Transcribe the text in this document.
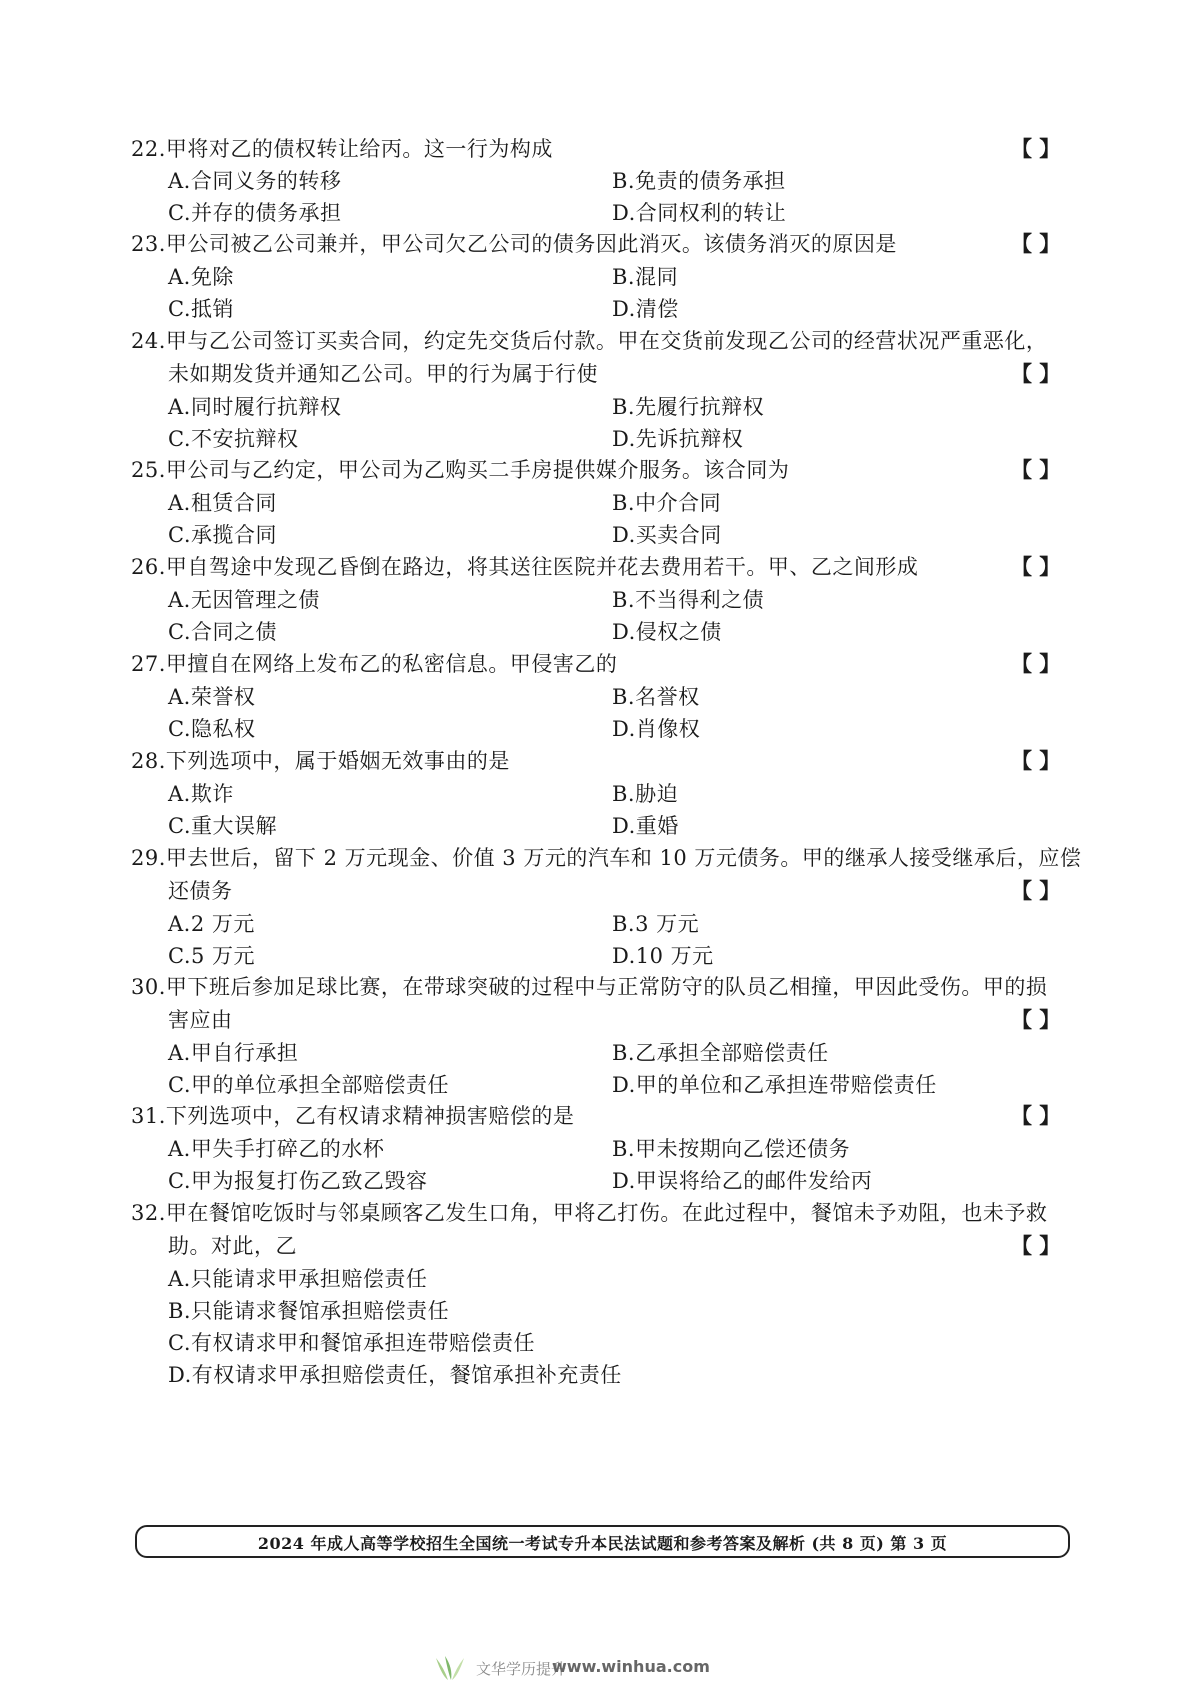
22.甲将对乙的债权转让给丙。这一行为构成	【 】
A.合同义务的转移	B.免责的债务承担
C.并存的债务承担	D.合同权利的转让
23.甲公司被乙公司兼并，甲公司欠乙公司的债务因此消灭。该债务消灭的原因是	【 】
A.免除	B.混同
C.抵销	D.清偿
24.甲与乙公司签订买卖合同，约定先交货后付款。甲在交货前发现乙公司的经营状况严重恶化，
未如期发货并通知乙公司。甲的行为属于行使	【 】
A.同时履行抗辩权	B.先履行抗辩权
C.不安抗辩权	D.先诉抗辩权
25.甲公司与乙约定，甲公司为乙购买二手房提供媒介服务。该合同为	【 】
A.租赁合同	B.中介合同
C.承揽合同	D.买卖合同
26.甲自驾途中发现乙昏倒在路边，将其送往医院并花去费用若干。甲、乙之间形成	【 】
A.无因管理之债	B.不当得利之债
C.合同之债	D.侵权之债
27.甲擅自在网络上发布乙的私密信息。甲侵害乙的	【 】
A.荣誉权	B.名誉权
C.隐私权	D.肖像权
28.下列选项中，属于婚姻无效事由的是	【 】
A.欺诈	B.胁迫
C.重大误解	D.重婚
29.甲去世后，留下 2 万元现金、价值 3 万元的汽车和 10 万元债务。甲的继承人接受继承后，应偿
还债务	【 】
A.2 万元	B.3 万元
C.5 万元	D.10 万元
30.甲下班后参加足球比赛，在带球突破的过程中与正常防守的队员乙相撞，甲因此受伤。甲的损
害应由	【 】
A.甲自行承担	B.乙承担全部赔偿责任
C.甲的单位承担全部赔偿责任	D.甲的单位和乙承担连带赔偿责任
31.下列选项中，乙有权请求精神损害赔偿的是	【 】
A.甲失手打碎乙的水杯	B.甲未按期向乙偿还债务
C.甲为报复打伤乙致乙毁容	D.甲误将给乙的邮件发给丙
32.甲在餐馆吃饭时与邻桌顾客乙发生口角，甲将乙打伤。在此过程中，餐馆未予劝阻，也未予救
助。对此，乙	【 】
A.只能请求甲承担赔偿责任
B.只能请求餐馆承担赔偿责任
C.有权请求甲和餐馆承担连带赔偿责任
D.有权请求甲承担赔偿责任，餐馆承担补充责任
2024 年成人高等学校招生全国统一考试专升本民法试题和参考答案及解析 (共 8 页) 第 3 页
文华学历提升
www.winhua.com
